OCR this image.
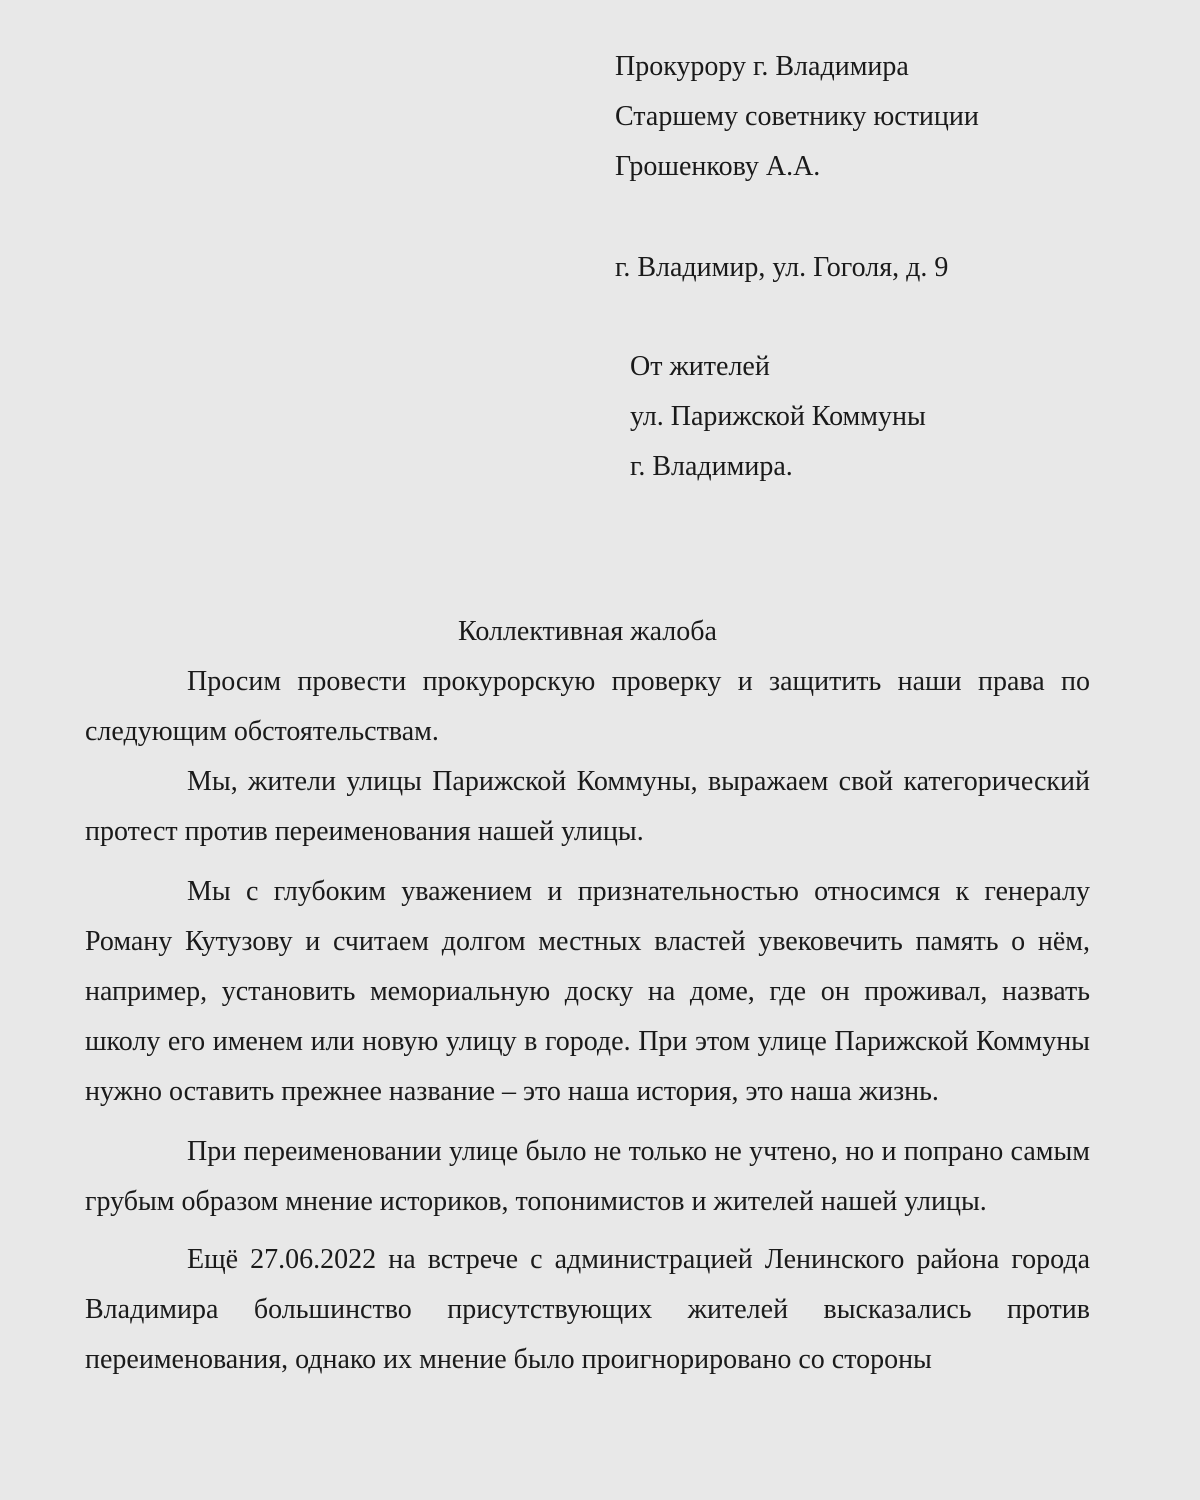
Прокурору г. Владимира
Старшему советнику юстиции
Грошенкову А.А.
г. Владимир, ул. Гоголя, д. 9
От жителей
ул. Парижской Коммуны
г. Владимира.
Коллективная жалоба

Просим провести прокурорскую проверку и защитить наши права по следующим обстоятельствам.

Мы, жители улицы Парижской Коммуны, выражаем свой категорический протест против переименования нашей улицы.

Мы с глубоким уважением и признательностью относимся к генералу Роману Кутузову и считаем долгом местных властей увековечить память о нём, например, установить мемориальную доску на доме, где он проживал, назвать школу его именем или новую улицу в городе. При этом улице Парижской Коммуны нужно оставить прежнее название – это наша история, это наша жизнь.

При переименовании улице было не только не учтено, но и попрано самым грубым образом мнение историков, топонимистов и жителей нашей улицы.

Ещё 27.06.2022 на встрече с администрацией Ленинского района города Владимира большинство присутствующих жителей высказались против переименования, однако их мнение было проигнорировано со стороны
